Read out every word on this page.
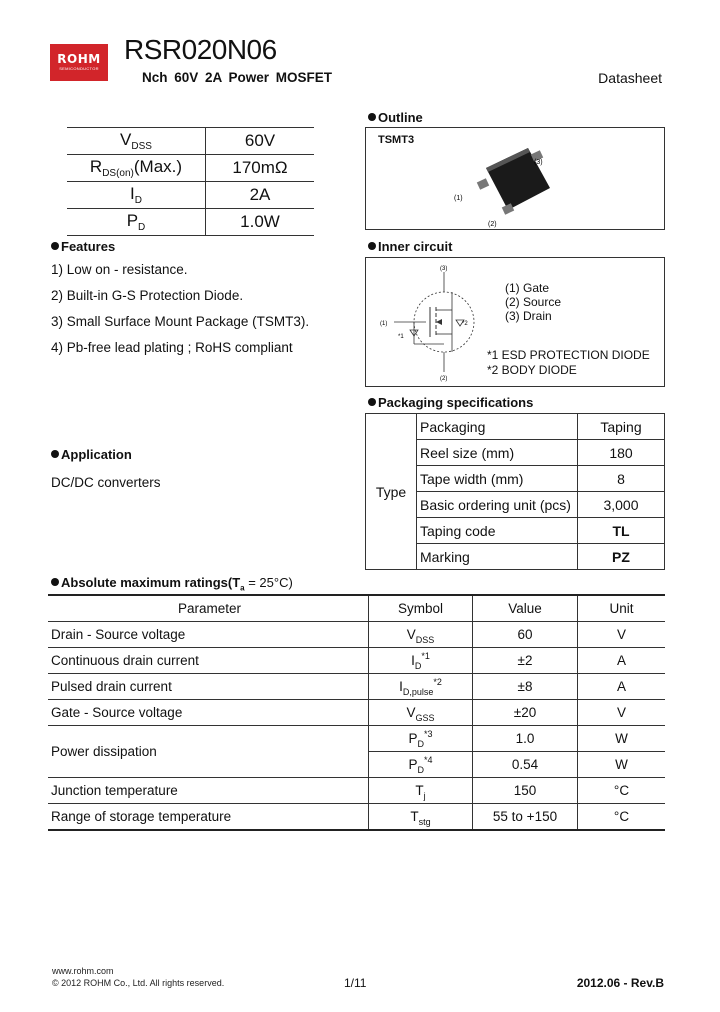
ROHM
SEMICONDUCTOR
RSR020N06
Nch 60V 2A Power MOSFET	Datasheet
$V_{DSS}$	60V
$R_{DS(on)}(Max.)$	170mΩ
$I_D$	2A
$P_D$	1.0W
Features
1) Low on - resistance.
2) Built-in G-S Protection Diode.
3) Small Surface Mount Package (TSMT3).
4) Pb-free lead plating ; RoHS compliant
Application
DC/DC converters
Outline
TSMT3
(1)
(2)
(3)
Inner circuit
(3)
(1)
(2)
*2
*1
(1) Gate
(2) Source
(3) Drain
*1 ESD PROTECTION DIODE
*2 BODY DIODE
Packaging specifications
Type	Packaging	Taping
	Reel size (mm)	180
	Tape width (mm)	8
	Basic ordering unit (pcs)	3,000
	Taping code	TL
	Marking	PZ
Absolute maximum $ratings(T_a = 25^\circ C)$
Parameter	Symbol	Value	Unit
Drain - Source voltage	$V_{DSS}$	60	V
Continuous drain current	$I_D^{*1}$	±2	A
Pulsed drain current	$I_{D,pulse}^{*2}$	±8	A
Gate - Source voltage	$V_{GSS}$	±20	V
Power dissipation	$P_D^{*3}$	1.0	W
	$P_D^{*4}$	0.54	W
Junction temperature	$T_j$	150	°C
Range of storage temperature	$T_{stg}$	55 to +150	°C
www.rohm.com
© 2012 ROHM Co., Ltd. All rights reserved.	1/11	2012.06 - Rev.B
